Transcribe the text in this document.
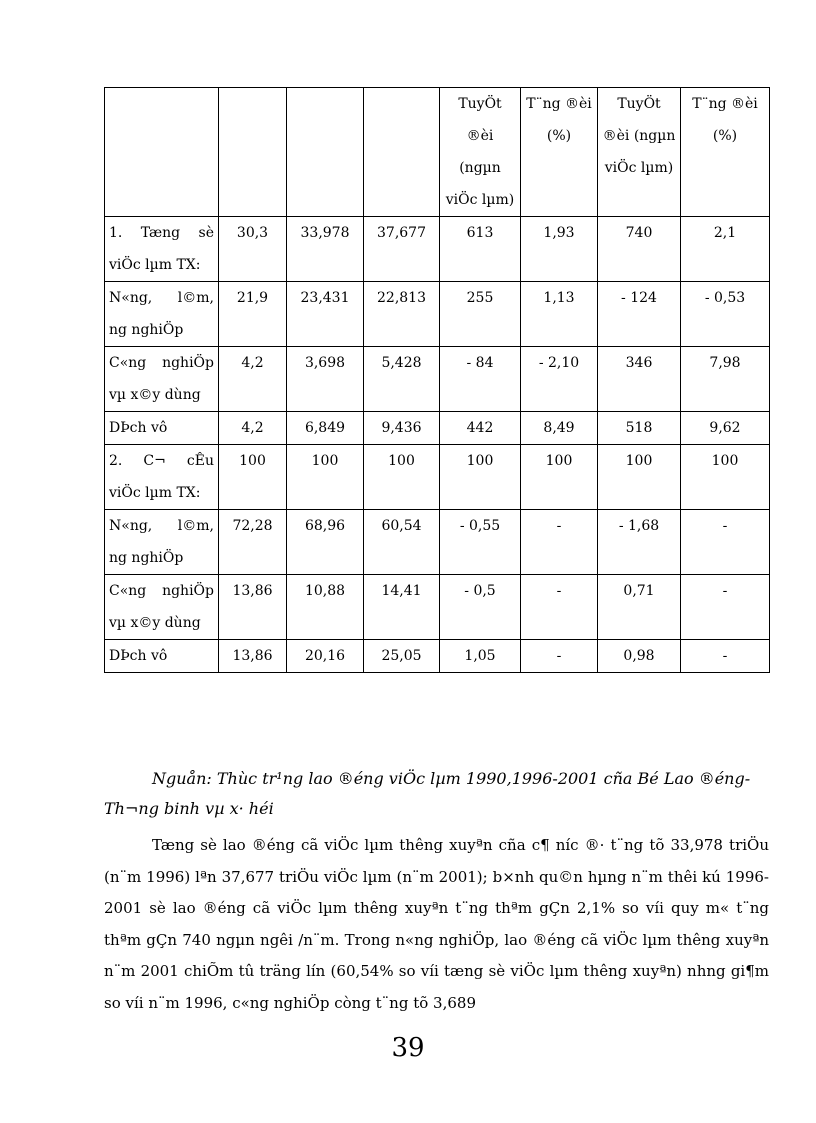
				TuyÖt ®èi (ngµn viÖc lµm)	T¨ng ®èi (%)	TuyÖt ®èi (ngµn viÖc lµm)	T¨ng ®èi (%)
1. Tæng sè viÖc lµm TX:	30,3	33,978	37,677	613	1,93	740	2,1
N«ng, l©m, ng nghiÖp	21,9	23,431	22,813	255	1,13	- 124	- 0,53
C«ng nghiÖp vµ x©y dùng	4,2	3,698	5,428	- 84	- 2,10	346	7,98
DÞch vô	4,2	6,849	9,436	442	8,49	518	9,62
2. C¬ cÊu viÖc lµm TX:	100	100	100	100	100	100	100
N«ng, l©m, ng nghiÖp	72,28	68,96	60,54	- 0,55	-	- 1,68	-
C«ng nghiÖp vµ x©y dùng	13,86	10,88	14,41	- 0,5	-	0,71	-
DÞch vô	13,86	20,16	25,05	1,05	-	0,98	-

Nguån: Thùc tr¹ng lao ®éng viÖc lµm 1990,1996-2001 cña Bé Lao ®éng-Th¬ng binh vµ x· héi

Tæng sè lao ®éng cã viÖc lµm thêng xuyªn cña c¶ níc ®· t¨ng tõ 33,978 triÖu (n¨m 1996) lªn 37,677 triÖu viÖc lµm (n¨m 2001); b×nh qu©n hµng n¨m thêi kú 1996-2001 sè lao ®éng cã viÖc lµm thêng xuyªn t¨ng thªm gÇn 2,1% so víi quy m« t¨ng thªm gÇn 740 ngµn ngêi /n¨m. Trong n«ng nghiÖp, lao ®éng cã viÖc lµm thêng xuyªn n¨m 2001 chiÕm tû träng lín (60,54% so víi tæng sè viÖc lµm thêng xuyªn) nhng gi¶m so víi n¨m 1996, c«ng nghiÖp còng t¨ng tõ 3,689

39
